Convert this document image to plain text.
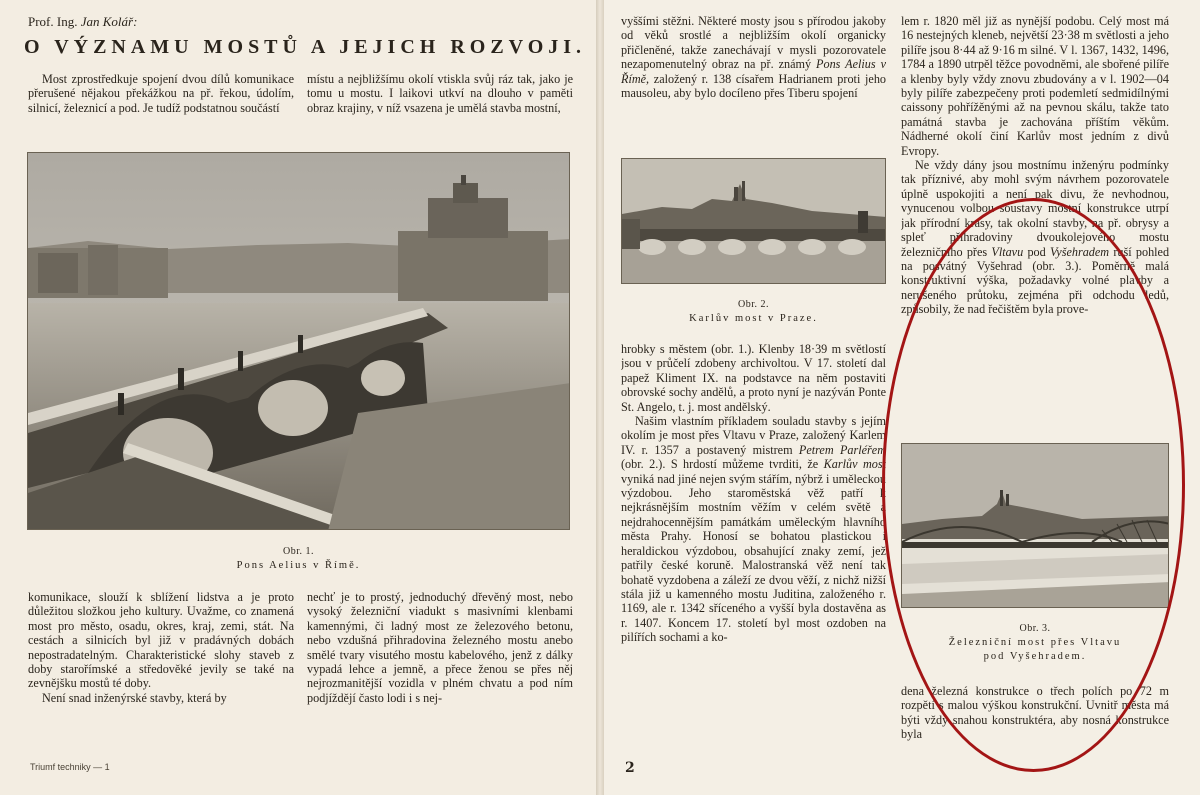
Prof. Ing. Jan Kolář:
O VÝZNAMU MOSTŮ A JEJICH ROZVOJI.

Most zprostředkuje spojení dvou dílů komunikace přerušené nějakou překážkou na př. řekou, údolím, silnicí, železnicí a pod. Je tudíž podstatnou součástí

místu a nejbližšímu okolí vtiskla svůj ráz tak, jako je tomu u mostu. I laikovi utkví na dlouho v paměti obraz krajiny, v níž vsazena je umělá stavba mostní,

Obr. 1.
Pons Aelius v Římě.

komunikace, slouží k sblížení lidstva a je proto důležitou složkou jeho kultury. Uvažme, co znamená most pro město, osadu, okres, kraj, zemi, stát. Na cestách a silnicích byl již v pradávných dobách nepostradatelným. Charakteristické slohy staveb z doby starořímské a středověké jevily se také na zevnějšku mostů té doby.

Není snad inženýrské stavby, která by

nechť je to prostý, jednoduchý dřevěný most, nebo vysoký železniční viadukt s masivními klenbami kamennými, či ladný most ze železového betonu, nebo vzdušná přihradovina železného mostu anebo smělé tvary visutého mostu kabelového, jenž z dálky vypadá lehce a jemně, a přece ženou se přes něj nejrozmanitější vozidla v plném chvatu a pod ním podjíždějí často lodi i s nej-

Triumf techniky — 1

vyššími stěžni. Některé mosty jsou s přírodou jakoby od věků srostlé a nejbližším okolí organicky přičleněné, takže zanechávají v mysli pozorovatele nezapomenutelný obraz na př. známý Pons Aelius v Římě, založený r. 138 císařem Hadrianem proti jeho mausoleu, aby bylo docíleno přes Tiberu spojení

Obr. 2.
Karlův most v Praze.

hrobky s městem (obr. 1.). Klenby 18·39 m světlostí jsou v průčelí zdobeny archivoltou. V 17. století dal papež Kliment IX. na podstavce na něm postaviti obrovské sochy andělů, a proto nyní je nazýván Ponte St. Angelo, t. j. most andělský.

Našim vlastním příkladem souladu stavby s jejím okolím je most přes Vltavu v Praze, založený Karlem IV. r. 1357 a postavený mistrem Petrem Parléřem (obr. 2.). S hrdostí můžeme tvrditi, že Karlův most vyniká nad jiné nejen svým stářím, nýbrž i uměleckou výzdobou. Jeho staroměstská věž patří k nejkrásnějším mostním věžím v celém světě a nejdrahocennějším památkám uměleckým hlavního města Prahy. Honosí se bohatou plastickou i heraldickou výzdobou, obsahující znaky zemí, jež patřily české koruně. Malostranská věž není tak bohatě vyzdobena a záleží ze dvou věží, z nichž nižší stála již u kamenného mostu Juditina, založeného r. 1169, ale r. 1342 sříceného a vyšší byla dostavěna as r. 1407. Koncem 17. století byl most ozdoben na pilířích sochami a ko-

lem r. 1820 měl již as nynější podobu. Celý most má 16 nestejných kleneb, největší 23·38 m světlosti a jeho pilíře jsou 8·44 až 9·16 m silné. V l. 1367, 1432, 1496, 1784 a 1890 utrpěl těžce povodněmi, ale sbořené pilíře a klenby byly vždy znovu zbudovány a v l. 1902—04 byly pilíře zabezpečeny proti podemletí sedmidílnými caissony pohřížěnými až na pevnou skálu, takže tato památná stavba je zachována příštím věkům. Nádherné okolí činí Karlův most jedním z divů Evropy.

Ne vždy dány jsou mostnímu inženýru podmínky tak příznivé, aby mohl svým návrhem pozorovatele úplně uspokojiti a není pak divu, že nevhodnou, vynucenou volbou soustavy mostní konstrukce utrpí jak přírodní krásy, tak okolní stavby, na př. obrysy a spleť přihradoviny dvoukolejového mostu železničního přes Vltavu pod Vyšehradem ruší pohled na posvátný Vyšehrad (obr. 3.). Poměrně malá konstruktivní výška, požadavky volné plavby a nerušeného průtoku, zejména při odchodu ledů, způsobily, že nad řečištěm byla prove-

Obr. 3.
Železniční most přes Vltavu
pod Vyšehradem.

dena železná konstrukce o třech polích po 72 m rozpětí s malou výškou konstrukční. Uvnitř města má býti vždy snahou konstruktéra, aby nosná konstrukce byla

2
